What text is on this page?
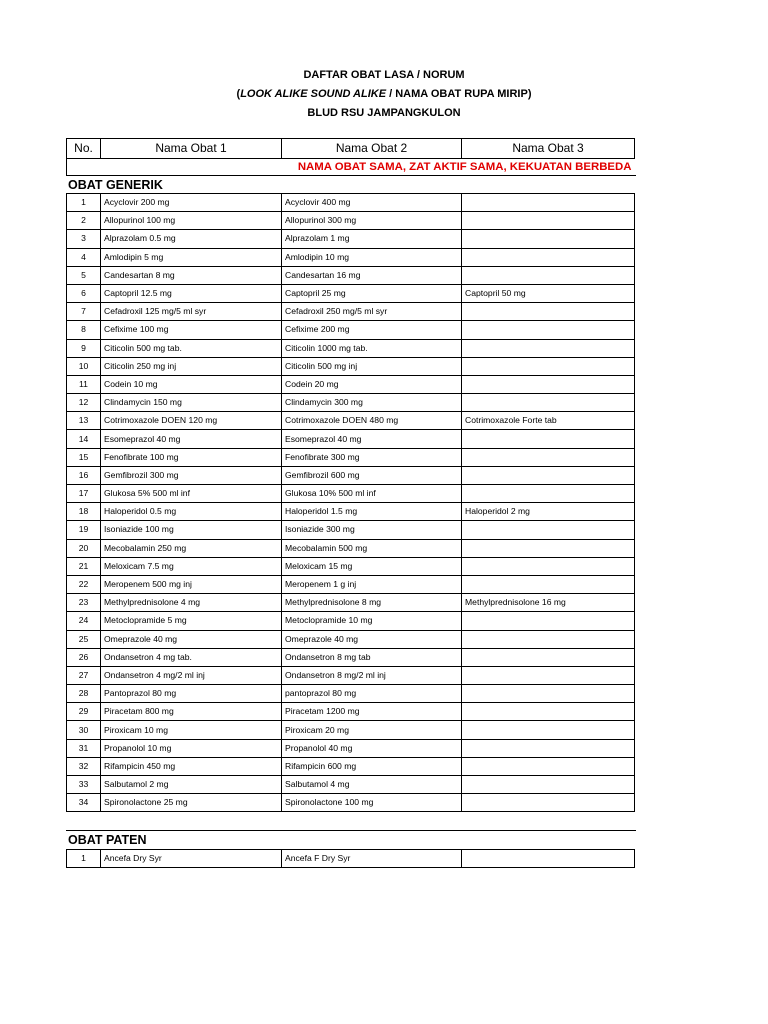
DAFTAR OBAT LASA / NORUM
(LOOK ALIKE SOUND ALIKE / NAMA OBAT RUPA MIRIP)
BLUD RSU JAMPANGKULON
No.	Nama Obat 1	Nama Obat 2	Nama Obat 3
	NAMA OBAT SAMA, ZAT AKTIF SAMA, KEKUATAN BERBEDA		
OBAT GENERIK
1	Acyclovir 200 mg	Acyclovir 400 mg	
2	Allopurinol 100 mg	Allopurinol 300 mg	
3	Alprazolam 0.5 mg	Alprazolam 1 mg	
4	Amlodipin 5 mg	Amlodipin 10 mg	
5	Candesartan 8 mg	Candesartan 16 mg	
6	Captopril 12.5 mg	Captopril 25 mg	Captopril 50 mg
7	Cefadroxil 125 mg/5 ml syr	Cefadroxil 250 mg/5 ml syr	
8	Cefixime 100 mg	Cefixime 200 mg	
9	Citicolin 500 mg tab.	Citicolin 1000 mg tab.	
10	Citicolin 250 mg inj	Citicolin 500 mg inj	
11	Codein 10 mg	Codein 20 mg	
12	Clindamycin 150 mg	Clindamycin 300 mg	
13	Cotrimoxazole DOEN 120 mg	Cotrimoxazole DOEN 480 mg	Cotrimoxazole Forte tab
14	Esomeprazol 40 mg	Esomeprazol 40 mg	
15	Fenofibrate 100 mg	Fenofibrate 300 mg	
16	Gemfibrozil 300 mg	Gemfibrozil 600 mg	
17	Glukosa 5% 500 ml inf	Glukosa 10% 500 ml inf	
18	Haloperidol 0.5 mg	Haloperidol 1.5 mg	Haloperidol 2 mg
19	Isoniazide 100 mg	Isoniazide 300 mg	
20	Mecobalamin 250 mg	Mecobalamin 500 mg	
21	Meloxicam 7.5 mg	Meloxicam 15 mg	
22	Meropenem 500 mg inj	Meropenem 1 g inj	
23	Methylprednisolone 4 mg	Methylprednisolone 8 mg	Methylprednisolone 16 mg
24	Metoclopramide 5 mg	Metoclopramide 10 mg	
25	Omeprazole 40 mg	Omeprazole 40 mg	
26	Ondansetron 4 mg tab.	Ondansetron 8 mg tab	
27	Ondansetron 4 mg/2 ml inj	Ondansetron 8 mg/2 ml inj	
28	Pantoprazol 80 mg	pantoprazol 80 mg	
29	Piracetam 800 mg	Piracetam 1200 mg	
30	Piroxicam 10 mg	Piroxicam 20 mg	
31	Propanolol 10 mg	Propanolol 40 mg	
32	Rifampicin 450 mg	Rifampicin 600 mg	
33	Salbutamol 2 mg	Salbutamol 4 mg	
34	Spironolactone 25 mg	Spironolactone 100 mg	
OBAT PATEN
1	Ancefa Dry Syr	Ancefa F Dry Syr	
